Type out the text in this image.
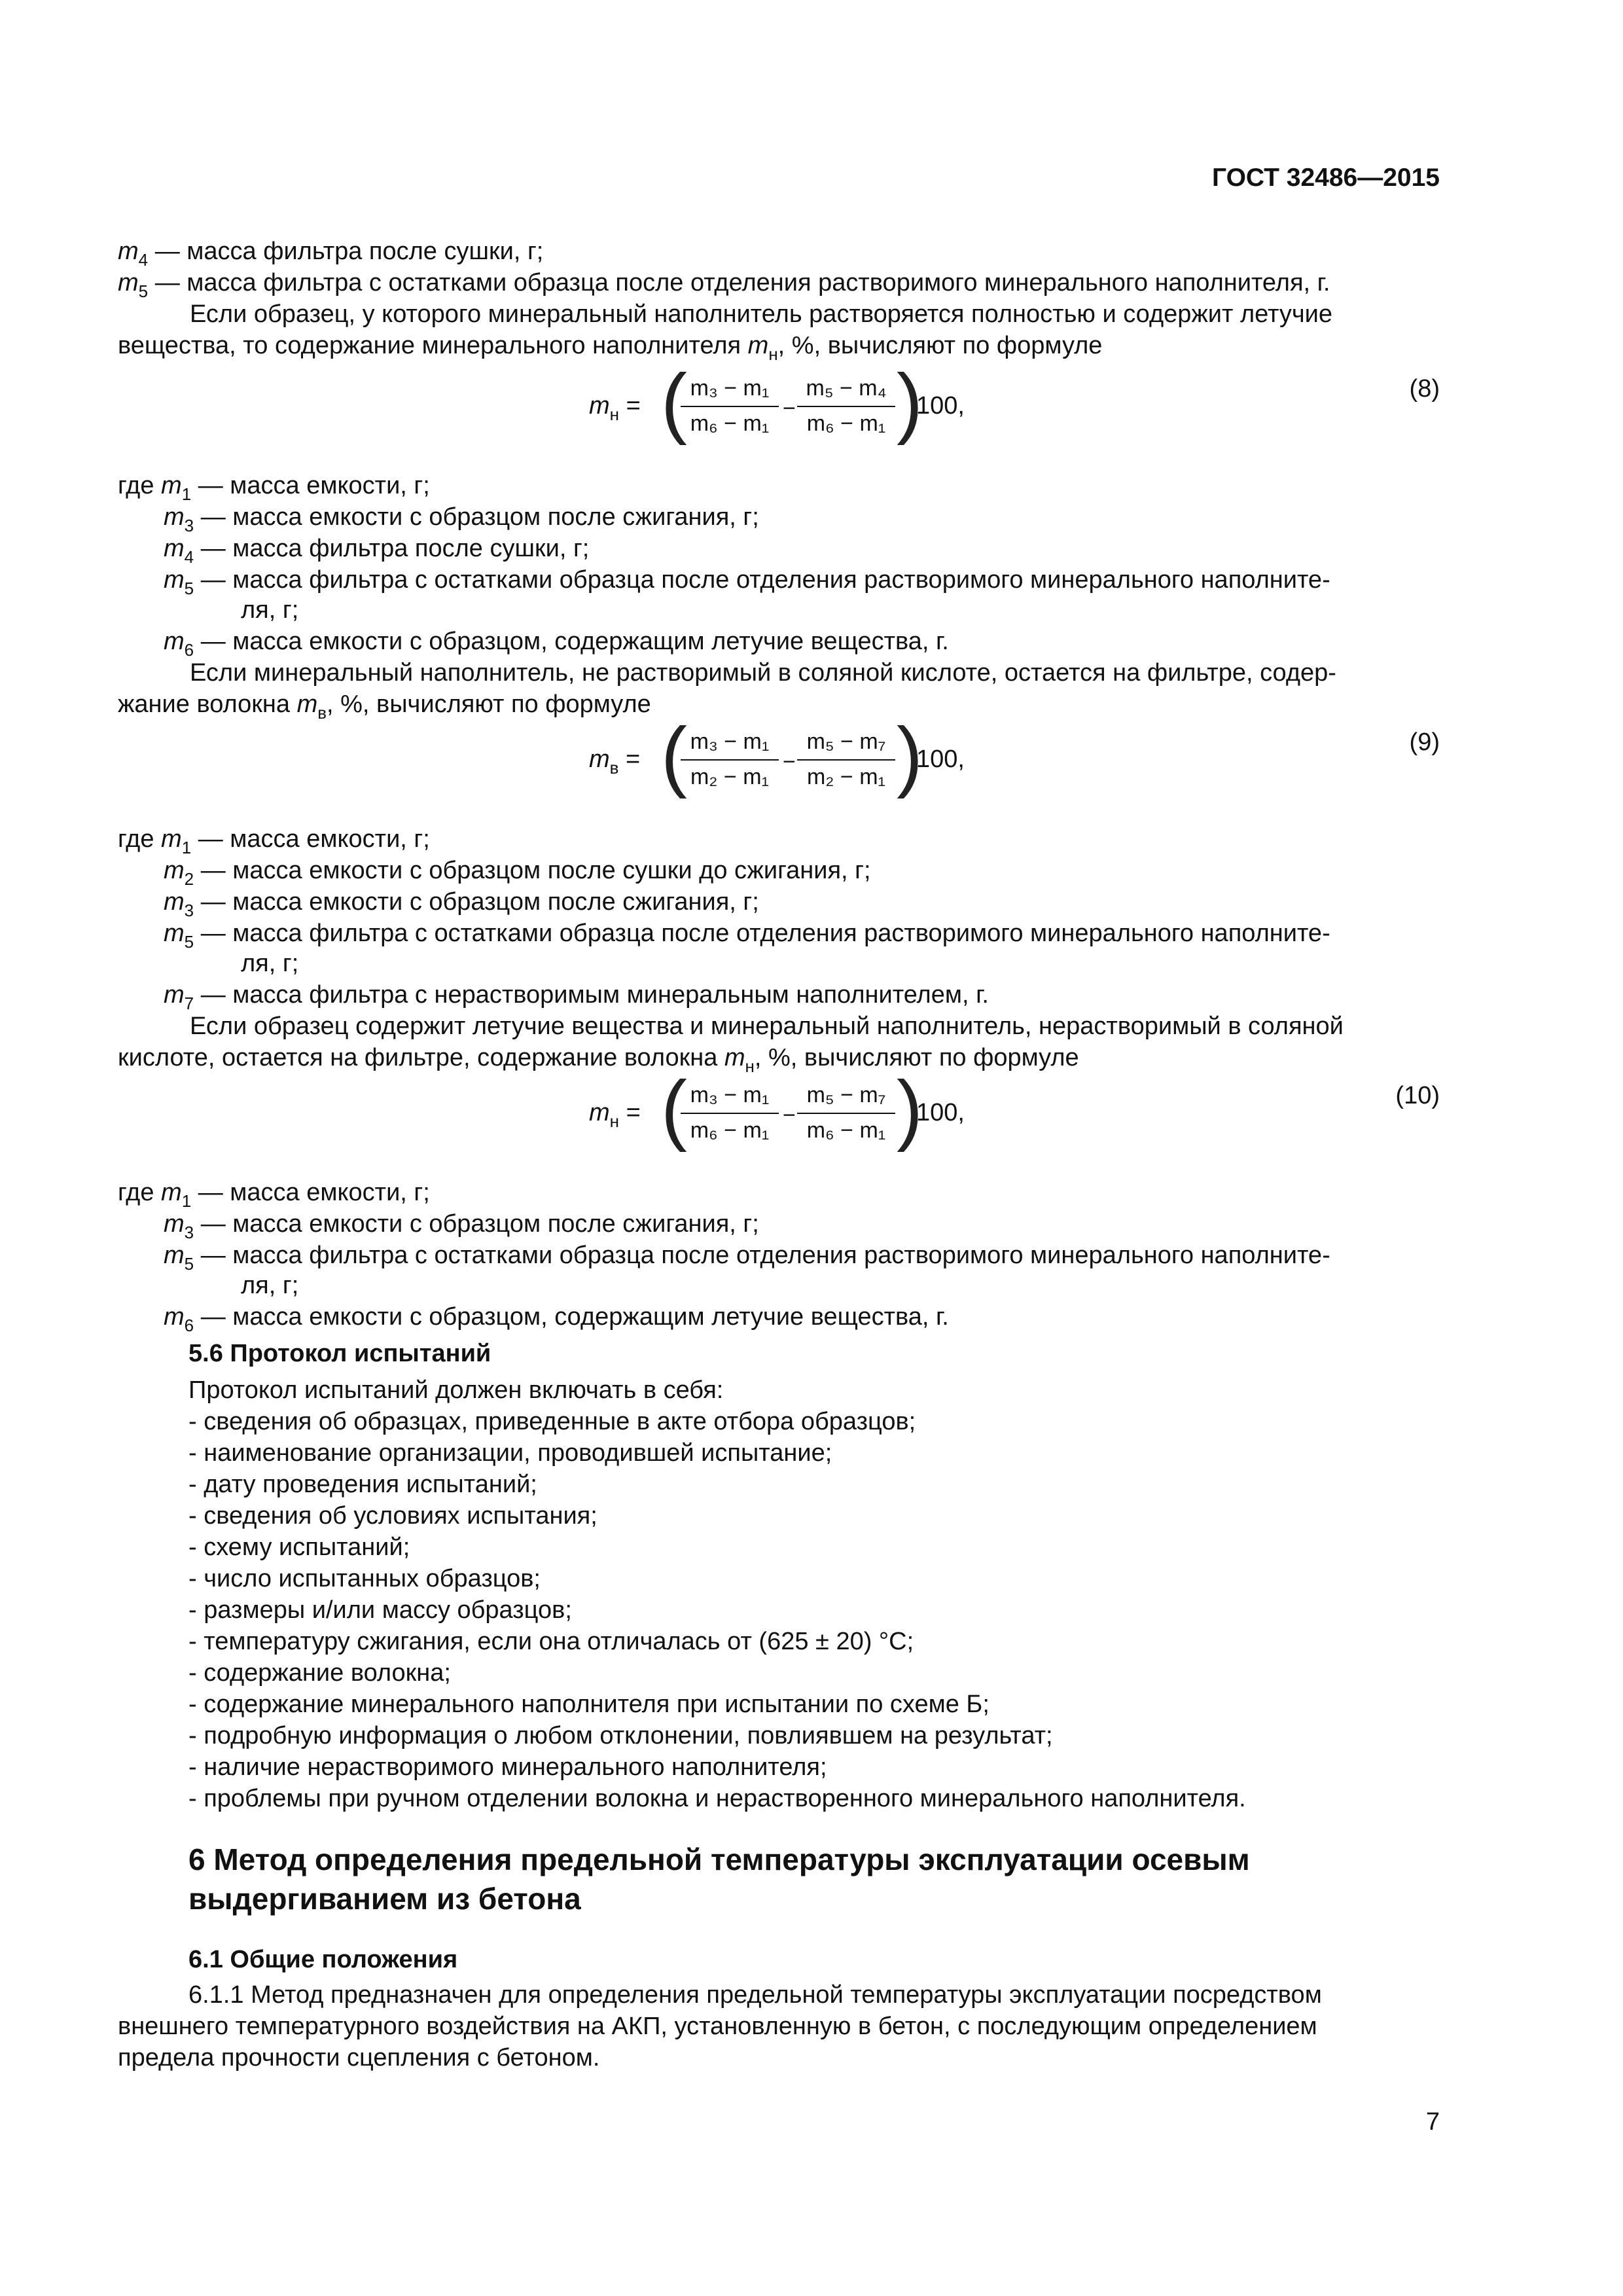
ГОСТ 32486—2015
$m_4$ — масса фильтра после сушки, г;
$m_5$ — масса фильтра с остатками образца после отделения растворимого минерального наполнителя, г.
Если образец, у которого минеральный наполнитель растворяется полностью и содержит летучие
вещества, то содержание минерального наполнителя $m_н$, %, вычисляют по формуле
$m_н$ = ( m₃ − m₁
m₆ − m₁
−
m₅ − m₄
m₆ − m₁ )
100,
(8)
где $m_1$ — масса емкости, г;
$m_3$ — масса емкости с образцом после сжигания, г;
$m_4$ — масса фильтра после сушки, г;
$m_5$ — масса фильтра с остатками образца после отделения растворимого минерального наполните-
ля, г;
$m_6$ — масса емкости с образцом, содержащим летучие вещества, г.
Если минеральный наполнитель, не растворимый в соляной кислоте, остается на фильтре, содер-
жание волокна $m_в$, %, вычисляют по формуле
$m_в$ = ( m₃ − m₁
m₂ − m₁
−
m₅ − m₇
m₂ − m₁ )
100,
(9)
где $m_1$ — масса емкости, г;
$m_2$ — масса емкости с образцом после сушки до сжигания, г;
$m_3$ — масса емкости с образцом после сжигания, г;
$m_5$ — масса фильтра с остатками образца после отделения растворимого минерального наполните-
ля, г;
$m_7$ — масса фильтра с нерастворимым минеральным наполнителем, г.
Если образец содержит летучие вещества и минеральный наполнитель, нерастворимый в соляной
кислоте, остается на фильтре, содержание волокна $m_н$, %, вычисляют по формуле
$m_н$ = ( m₃ − m₁
m₆ − m₁
−
m₅ − m₇
m₆ − m₁ )
100,
(10)
где $m_1$ — масса емкости, г;
$m_3$ — масса емкости с образцом после сжигания, г;
$m_5$ — масса фильтра с остатками образца после отделения растворимого минерального наполните-
ля, г;
$m_6$ — масса емкости с образцом, содержащим летучие вещества, г.
5.6 Протокол испытаний
Протокол испытаний должен включать в себя:
- сведения об образцах, приведенные в акте отбора образцов;
- наименование организации, проводившей испытание;
- дату проведения испытаний;
- сведения об условиях испытания;
- схему испытаний;
- число испытанных образцов;
- размеры и/или массу образцов;
- температуру сжигания, если она отличалась от (625 ± 20) °С;
- содержание волокна;
- содержание минерального наполнителя при испытании по схеме Б;
- подробную информация о любом отклонении, повлиявшем на результат;
- наличие нерастворимого минерального наполнителя;
- проблемы при ручном отделении волокна и нерастворенного минерального наполнителя.
6 Метод определения предельной температуры эксплуатации осевым
выдергиванием из бетона
6.1 Общие положения
6.1.1 Метод предназначен для определения предельной температуры эксплуатации посредством
внешнего температурного воздействия на АКП, установленную в бетон, с последующим определением
предела прочности сцепления с бетоном.
7
